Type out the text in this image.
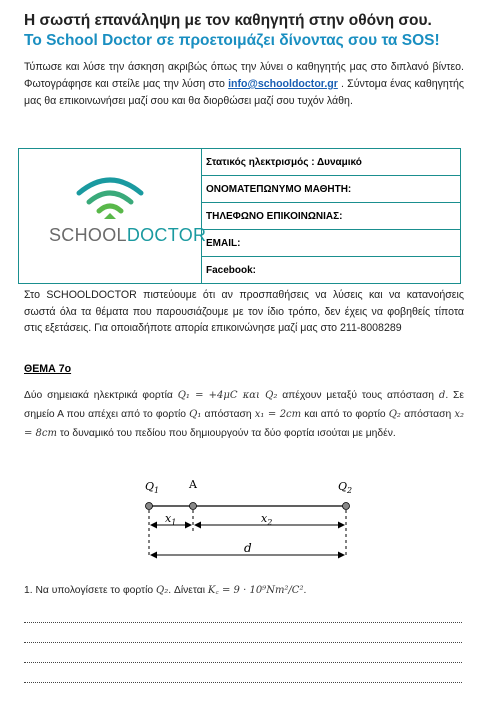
Η σωστή επανάληψη με τον καθηγητή στην οθόνη σου.
Το School Doctor σε προετοιμάζει δίνοντας σου τα SOS!
Τύπωσε και λύσε την άσκηση ακριβώς όπως την λύνει ο καθηγητής μας στο διπλανό βίντεο. Φωτογράφησε και στείλε μας την λύση στο info@schooldoctor.gr . Σύντομα ένας καθηγητής μας θα επικοινωνήσει μαζί σου και θα διορθώσει μαζί σου τυχόν λάθη.
SCHOOLDOCTOR
	Στατικός ηλεκτρισμός : Δυναμικό
ΟΝΟΜΑΤΕΠΩΝΥΜΟ ΜΑΘΗΤΗ:
ΤΗΛΕΦΩΝΟ ΕΠΙΚΟΙΝΩΝΙΑΣ:
EMAIL:
Facebook:
Στο SCHOOLDOCTOR πιστεύουμε ότι αν προσπαθήσεις να λύσεις και να κατανοήσεις σωστά όλα τα θέματα που παρουσιάζουμε με τον ίδιο τρόπο, δεν έχεις να φοβηθείς τίποτα στις εξετάσεις. Για οποιαδήποτε απορία επικοινώνησε μαζί μας στο 211-8008289
ΘΕΜΑ 7ο
Δύο σημειακά ηλεκτρικά φορτία Q₁ = +4μC και Q₂ απέχουν μεταξύ τους απόσταση d. Σε σημείο Α που απέχει από το φορτίο Q₁ απόσταση x₁ = 2cm και από το φορτίο Q₂ απόσταση x₂ = 8cm το δυναμικό του πεδίου που δημιουργούν τα δύο φορτία ισούται με μηδέν.
$Q_1$	A	$Q_2$
$x_1$	$x_2$
d
1. Να υπολογίσετε το φορτίο Q₂. Δίνεται K꜀ = 9 · 10⁹Nm²/C².
